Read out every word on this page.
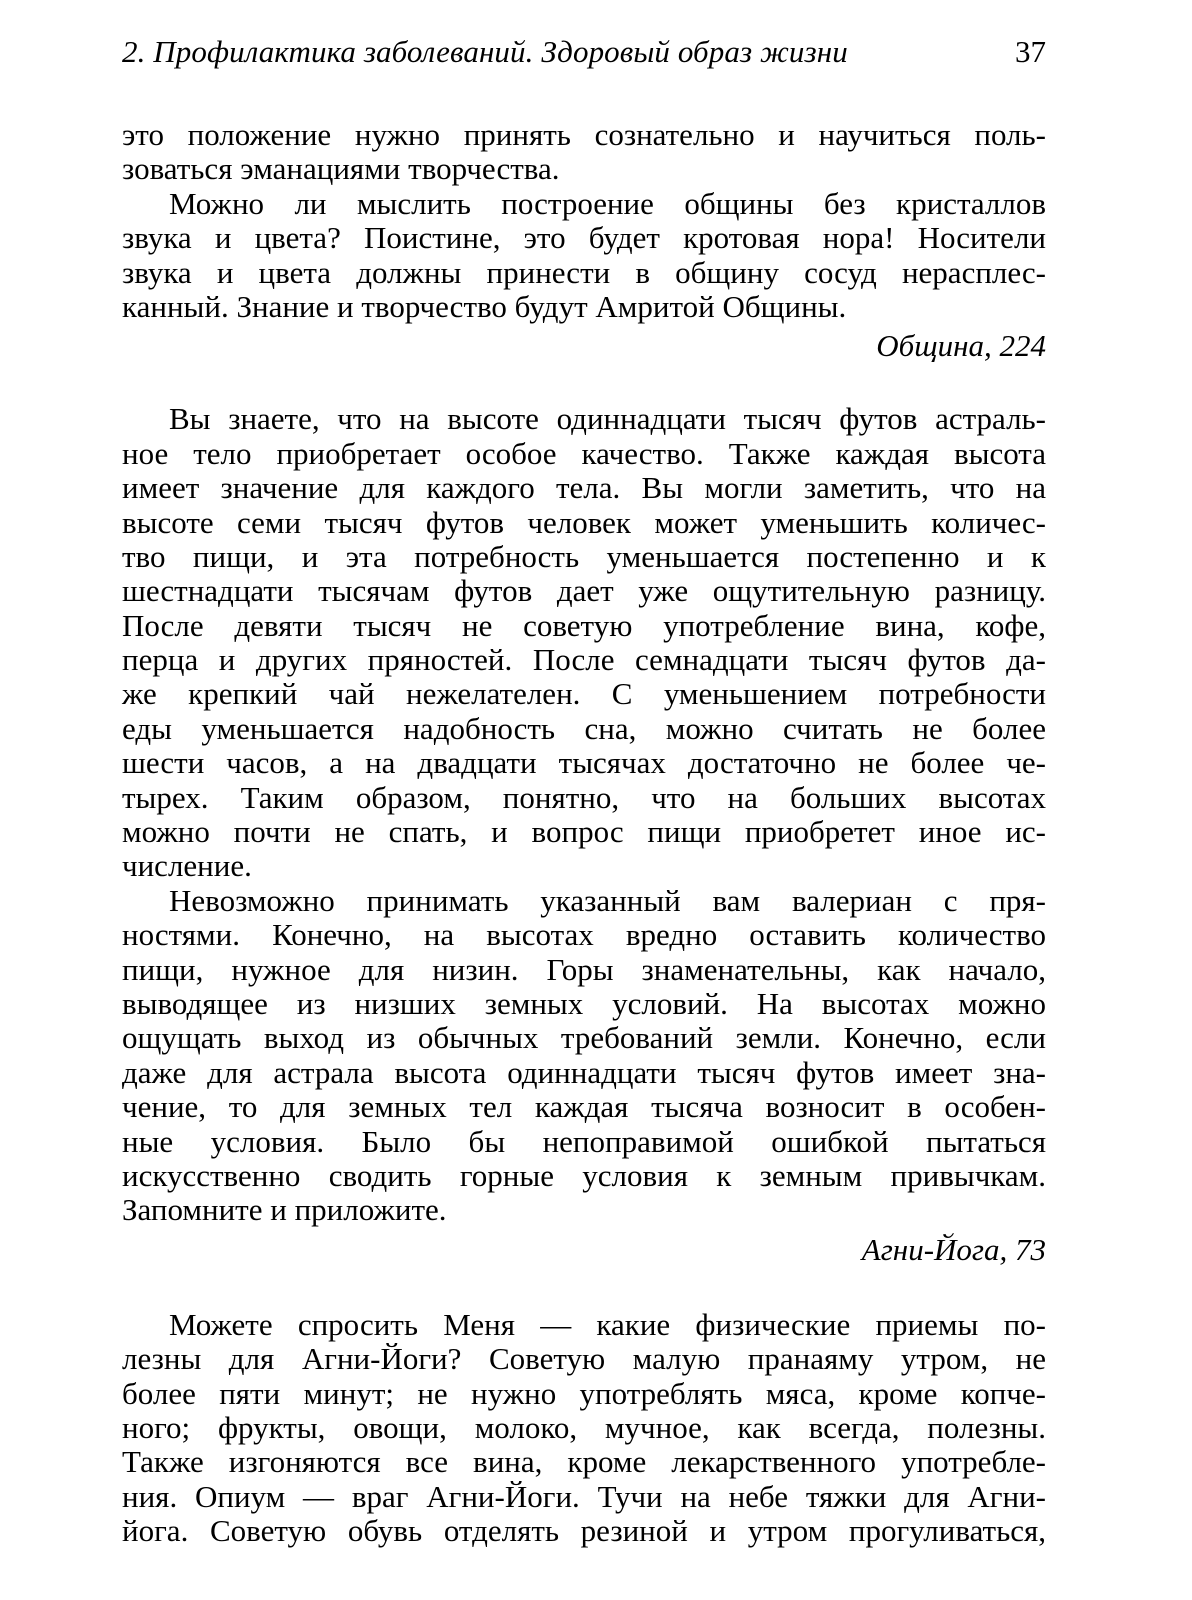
2. Профилактика заболеваний. Здоровый образ жизни	37
это положение нужно принять сознательно и научиться поль-
зоваться эманациями творчества.
Можно ли мыслить построение общины без кристаллов
звука и цвета? Поистине, это будет кротовая нора! Носители
звука и цвета должны принести в общину сосуд нерасплес-
канный. Знание и творчество будут Амритой Общины.
Община, 224
Вы знаете, что на высоте одиннадцати тысяч футов астраль-
ное тело приобретает особое качество. Также каждая высота
имеет значение для каждого тела. Вы могли заметить, что на
высоте семи тысяч футов человек может уменьшить количес-
тво пищи, и эта потребность уменьшается постепенно и к
шестнадцати тысячам футов дает уже ощутительную разницу.
После девяти тысяч не советую употребление вина, кофе,
перца и других пряностей. После семнадцати тысяч футов да-
же крепкий чай нежелателен. С уменьшением потребности
еды уменьшается надобность сна, можно считать не более
шести часов, а на двадцати тысячах достаточно не более че-
тырех. Таким образом, понятно, что на больших высотах
можно почти не спать, и вопрос пищи приобретет иное ис-
числение.
Невозможно принимать указанный вам валериан с пря-
ностями. Конечно, на высотах вредно оставить количество
пищи, нужное для низин. Горы знаменательны, как начало,
выводящее из низших земных условий. На высотах можно
ощущать выход из обычных требований земли. Конечно, если
даже для астрала высота одиннадцати тысяч футов имеет зна-
чение, то для земных тел каждая тысяча возносит в особен-
ные условия. Было бы непоправимой ошибкой пытаться
искусственно сводить горные условия к земным привычкам.
Запомните и приложите.
Агни-Йога, 73
Можете спросить Меня — какие физические приемы по-
лезны для Агни-Йоги? Советую малую пранаяму утром, не
более пяти минут; не нужно употреблять мяса, кроме копче-
ного; фрукты, овощи, молоко, мучное, как всегда, полезны.
Также изгоняются все вина, кроме лекарственного употребле-
ния. Опиум — враг Агни-Йоги. Тучи на небе тяжки для Агни-
йога. Советую обувь отделять резиной и утром прогуливаться,
